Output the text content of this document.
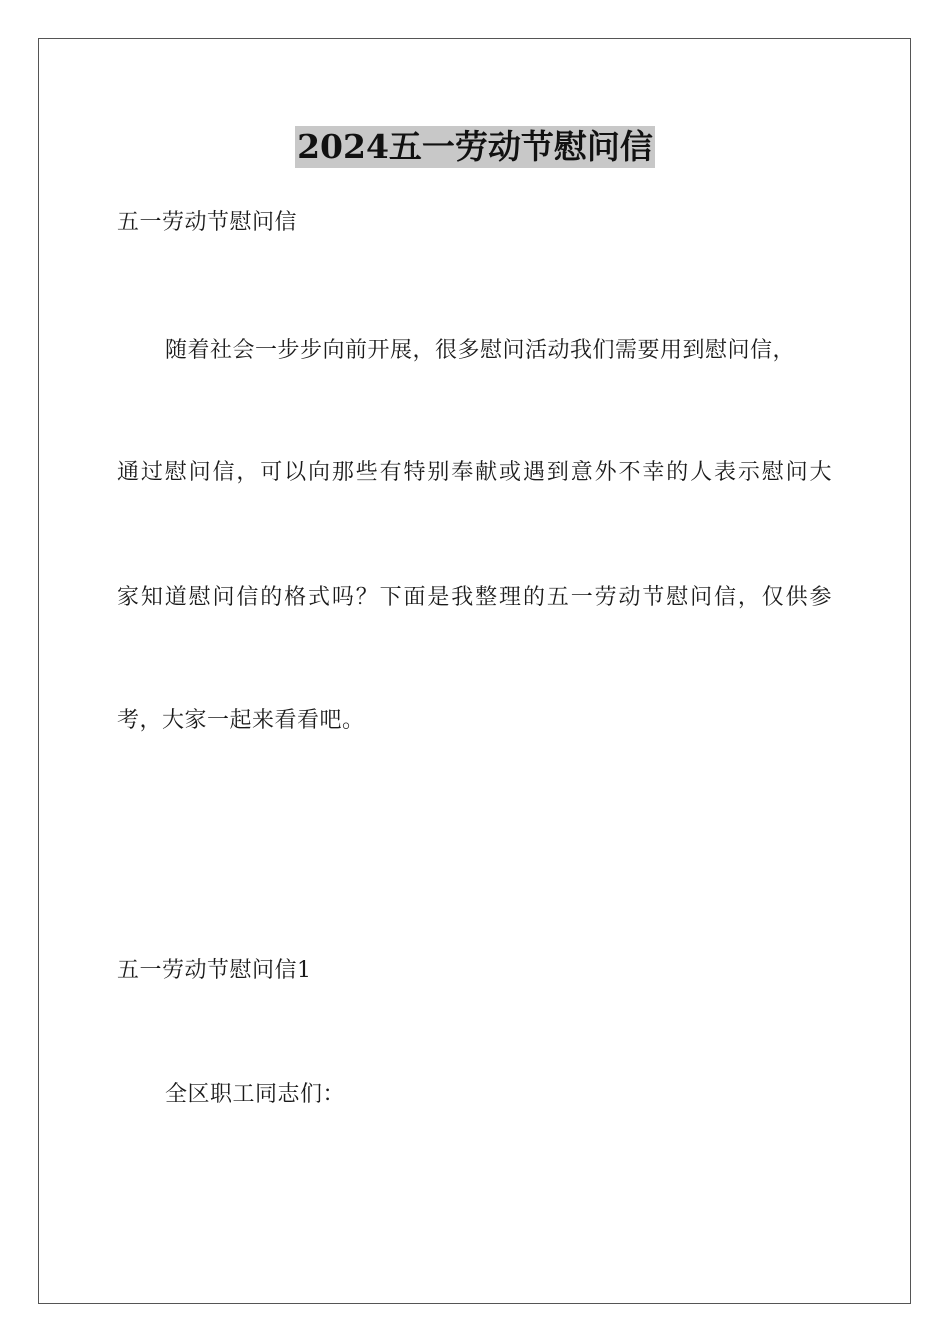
2024五一劳动节慰问信
五一劳动节慰问信
随着社会一步步向前开展，很多慰问活动我们需要用到慰问信，
通过慰问信，可以向那些有特别奉献或遇到意外不幸的人表示慰问大
家知道慰问信的格式吗？下面是我整理的五一劳动节慰问信，仅供参
考，大家一起来看看吧。
五一劳动节慰问信1
全区职工同志们：
